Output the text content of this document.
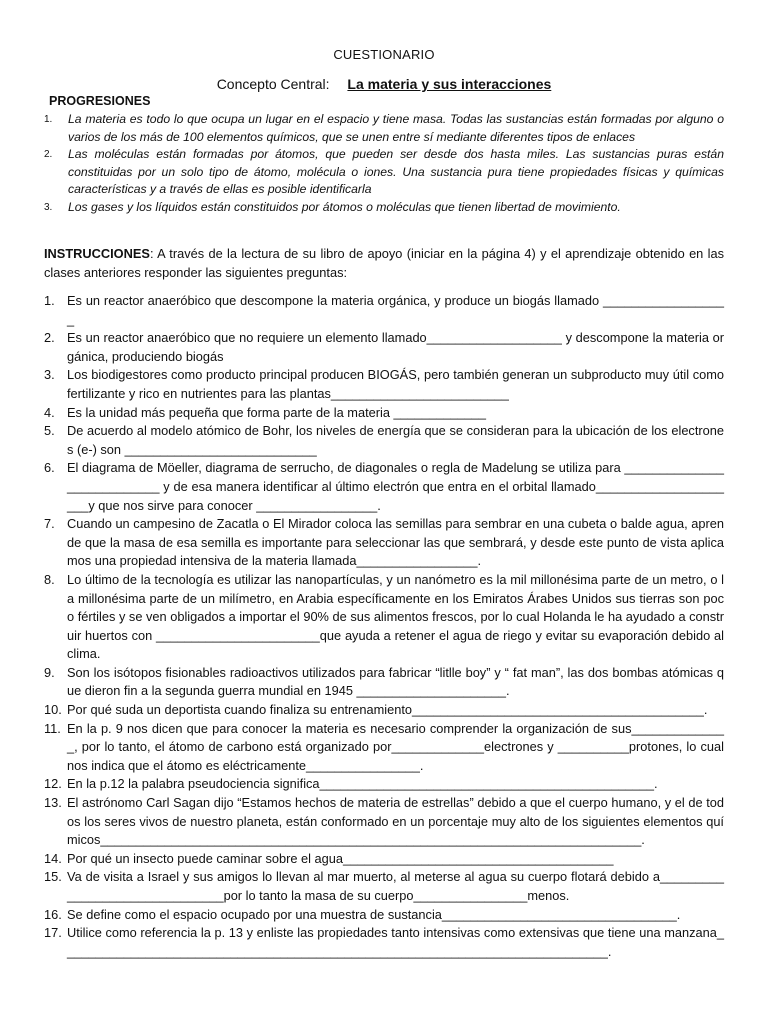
CUESTIONARIO
Concepto Central: La materia y sus interacciones
PROGRESIONES
1. La materia es todo lo que ocupa un lugar en el espacio y tiene masa. Todas las sustancias están formadas por alguno o varios de los más de 100 elementos químicos, que se unen entre sí mediante diferentes tipos de enlaces
2. Las moléculas están formadas por átomos, que pueden ser desde dos hasta miles. Las sustancias puras están constituidas por un solo tipo de átomo, molécula o iones. Una sustancia pura tiene propiedades físicas y químicas características y a través de ellas es posible identificarla
3. Los gases y los líquidos están constituidos por átomos o moléculas que tienen libertad de movimiento.
INSTRUCCIONES: A través de la lectura de su libro de apoyo (iniciar en la página 4) y el aprendizaje obtenido en las clases anteriores responder las siguientes preguntas:
1. Es un reactor anaeróbico que descompone la materia orgánica, y produce un biogás llamado __________________
2. Es un reactor anaeróbico que no requiere un elemento llamado___________________ y descompone la materia orgánica, produciendo biogás
3. Los biodigestores como producto principal producen BIOGÁS, pero también generan un subproducto muy útil como fertilizante y rico en nutrientes para las plantas_________________________
4. Es la unidad más pequeña que forma parte de la materia _____________
5. De acuerdo al modelo atómico de Bohr, los niveles de energía que se consideran para la ubicación de los electrones (e-) son ___________________________
6. El diagrama de Möeller, diagrama de serrucho, de diagonales o regla de Madelung se utiliza para ___________________________ y de esa manera identificar al último electrón que entra en el orbital llamado_____________________y que nos sirve para conocer _________________.
7. Cuando un campesino de Zacatla o El Mirador coloca las semillas para sembrar en una cubeta o balde agua, aprende que la masa de esa semilla es importante para seleccionar las que sembrará, y desde este punto de vista aplicamos una propiedad intensiva de la materia llamada_________________.
8. Lo último de la tecnología es utilizar las nanopartículas, y un nanómetro es la mil millonésima parte de un metro, o la millonésima parte de un milímetro, en Arabia específicamente en los Emiratos Árabes Unidos sus tierras son poco fértiles y se ven obligados a importar el 90% de sus alimentos frescos, por lo cual Holanda le ha ayudado a construir huertos con _______________________que ayuda a retener el agua de riego y evitar su evaporación debido al clima.
9. Son los isótopos fisionables radioactivos utilizados para fabricar “litlle boy” y “ fat man”, las dos bombas atómicas que dieron fin a la segunda guerra mundial en 1945 _____________________.
10. Por qué suda un deportista cuando finaliza su entrenamiento_________________________________________.
11. En la p. 9 nos dicen que para conocer la materia es necesario comprender la organización de sus______________, por lo tanto, el átomo de carbono está organizado por_____________electrones y __________protones, lo cual nos indica que el átomo es eléctricamente________________.
12. En la p.12 la palabra pseudociencia significa_______________________________________________.
13. El astrónomo Carl Sagan dijo “Estamos hechos de materia de estrellas” debido a que el cuerpo humano, y el de todos los seres vivos de nuestro planeta, están conformado en un porcentaje muy alto de los siguientes elementos químicos____________________________________________________________________________.
14. Por qué un insecto puede caminar sobre el agua______________________________________
15. Va de visita a Israel y sus amigos lo llevan al mar muerto, al meterse al agua su cuerpo flotará debido a_______________________________por lo tanto la masa de su cuerpo________________menos.
16. Se define como el espacio ocupado por una muestra de sustancia_________________________________.
17. Utilice como referencia la p. 13 y enliste las propiedades tanto intensivas como extensivas que tiene una manzana_____________________________________________________________________________.
